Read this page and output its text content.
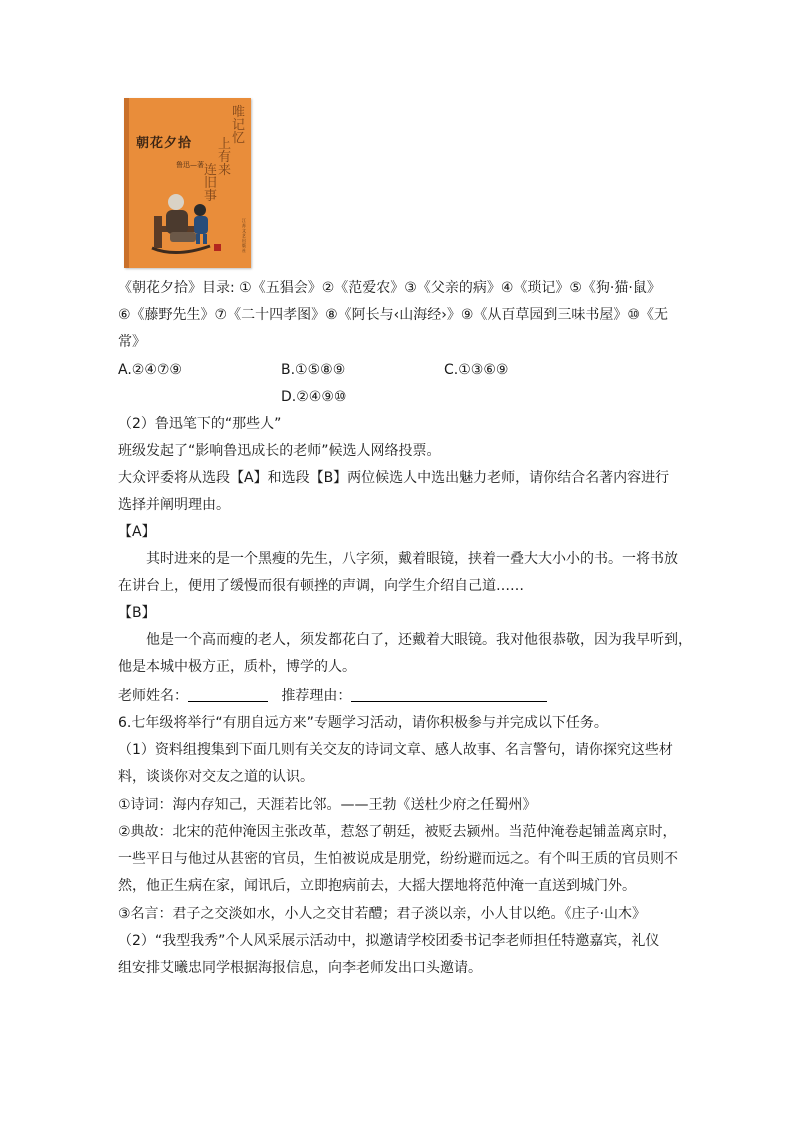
朝花夕拾
鲁迅—著
唯记忆
上有来
连旧事
江苏文艺出版社
《朝花夕拾》目录: ①《五猖会》②《范爱农》③《父亲的病》④《琐记》⑤《狗·猫·鼠》
⑥《藤野先生》⑦《二十四孝图》⑧《阿长与‹山海经›》⑨《从百草园到三味书屋》⑩《无
常》
A.②④⑦⑨	B.①⑤⑧⑨	C.①③⑥⑨
D.②④⑨⑩
（2）鲁迅笔下的“那些人”
班级发起了“影响鲁迅成长的老师”候选人网络投票。
大众评委将从选段【A】和选段【B】两位候选人中选出魅力老师，请你结合名著内容进行
选择并阐明理由。
【A】
其时进来的是一个黑瘦的先生，八字须，戴着眼镜，挟着一叠大大小小的书。一将书放
在讲台上，便用了缓慢而很有顿挫的声调，向学生介绍自己道……
【B】
他是一个高而瘦的老人，须发都花白了，还戴着大眼镜。我对他很恭敬，因为我早听到，
他是本城中极方正，质朴，博学的人。
老师姓名：	推荐理由：
6.七年级将举行“有朋自远方来”专题学习活动，请你积极参与并完成以下任务。
（1）资料组搜集到下面几则有关交友的诗词文章、感人故事、名言警句，请你探究这些材
料，谈谈你对交友之道的认识。
①诗词：海内存知己，天涯若比邻。——王勃《送杜少府之任蜀州》
②典故：北宋的范仲淹因主张改革，惹怒了朝廷，被贬去颍州。当范仲淹卷起铺盖离京时，
一些平日与他过从甚密的官员，生怕被说成是朋党，纷纷避而远之。有个叫王质的官员则不
然，他正生病在家，闻讯后，立即抱病前去，大摇大摆地将范仲淹一直送到城门外。
③名言：君子之交淡如水，小人之交甘若醴；君子淡以亲，小人甘以绝。《庄子·山木》
（2）“我型我秀”个人风采展示活动中，拟邀请学校团委书记李老师担任特邀嘉宾，礼仪
组安排艾曦忠同学根据海报信息，向李老师发出口头邀请。
